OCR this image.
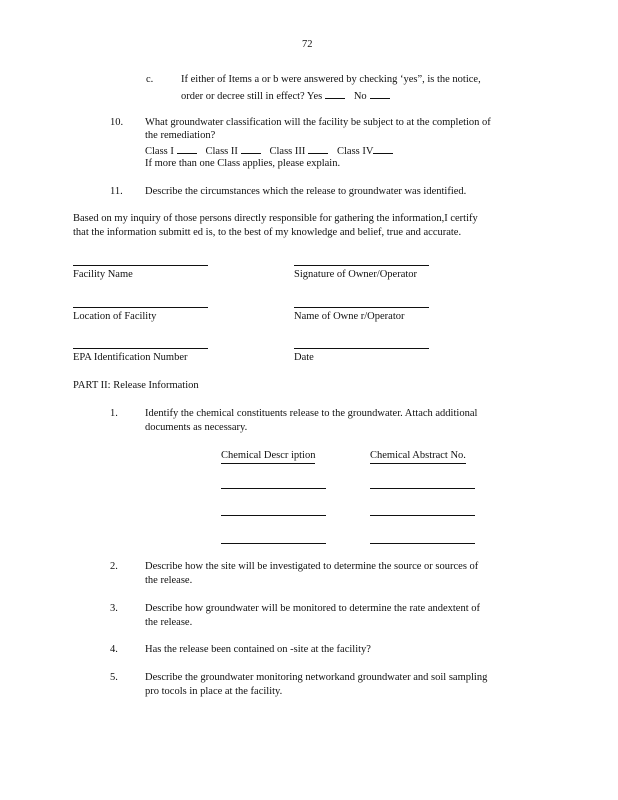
72
c.	If either of Items a or b were answered by checking ‘yes”, is the notice,
order or decree still in effect? Yes	No
10. What groundwater classification will the facility be subject to at the completion of
the remediation?
Class I	Class II	Class III	Class IV
If more than one Class applies, please explain.
11. Describe the circumstances which the release to groundwater was identified.
Based on my inquiry of those persons directly responsible for gathering the information,I certify
that the information submitt ed is, to the best of my knowledge and belief, true and accurate.
Facility Name	Signature of Owner/Operator
Location of Facility	Name of Owne r/Operator
EPA Identification Number	Date
PART II: Release Information
1.	Identify the chemical constituents release to the groundwater. Attach additional
documents as necessary.
Chemical Descr iption	Chemical Abstract No.
2.	Describe how the site will be investigated to determine the source or sources of
the release.
3.	Describe how groundwater will be monitored to determine the rate andextent of
the release.
4.	Has the release been contained on -site at the facility?
5.	Describe the groundwater monitoring networkand groundwater and soil sampling
pro tocols in place at the facility.
